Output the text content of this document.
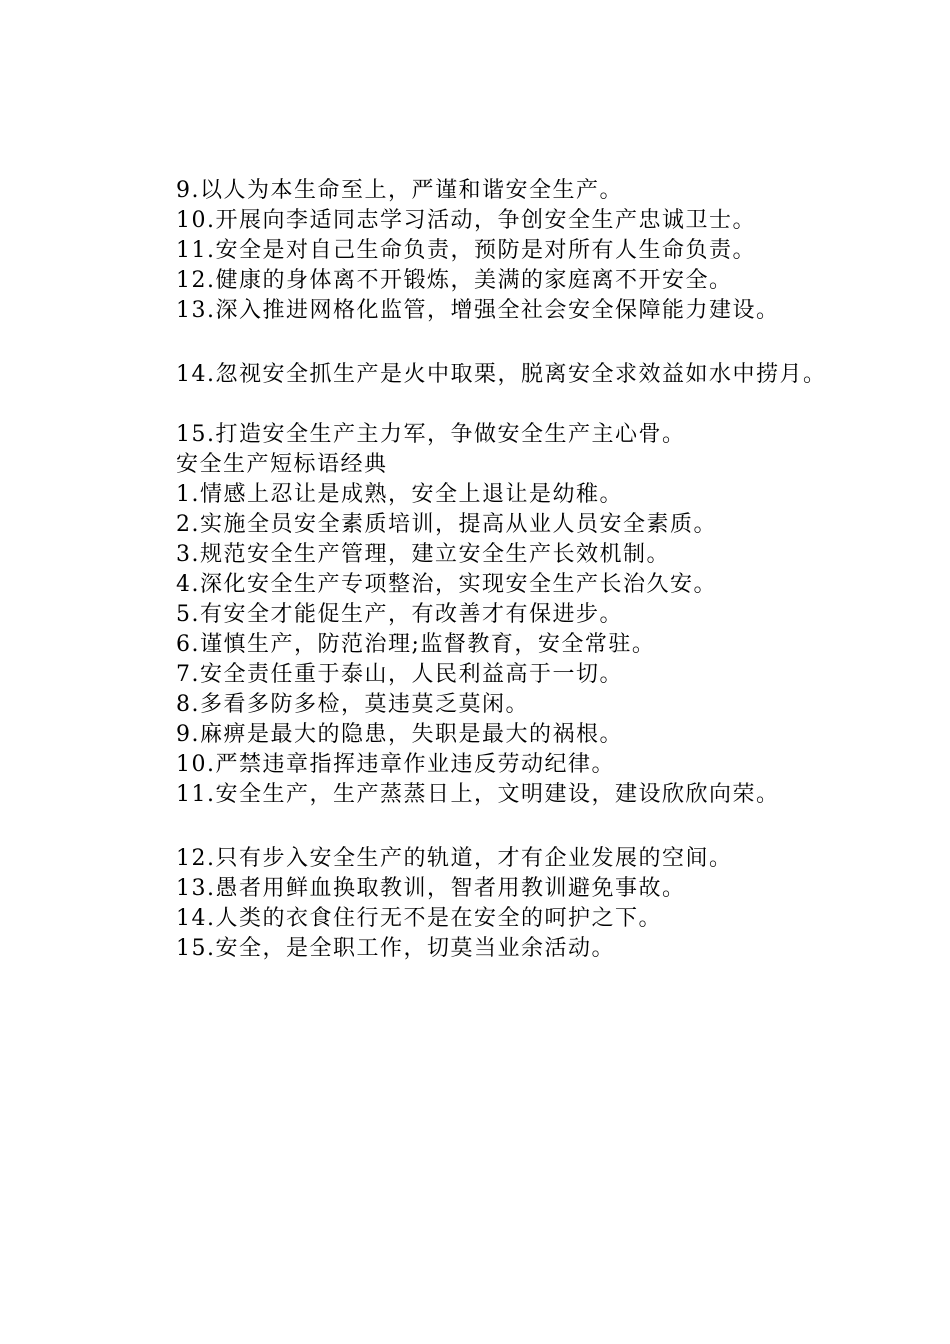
9.以人为本生命至上，严谨和谐安全生产。
10.开展向李适同志学习活动，争创安全生产忠诚卫士。
11.安全是对自己生命负责，预防是对所有人生命负责。
12.健康的身体离不开锻炼，美满的家庭离不开安全。
13.深入推进网格化监管，增强全社会安全保障能力建设。
14.忽视安全抓生产是火中取栗，脱离安全求效益如水中捞月。
15.打造安全生产主力军，争做安全生产主心骨。
安全生产短标语经典
1.情感上忍让是成熟，安全上退让是幼稚。
2.实施全员安全素质培训，提高从业人员安全素质。
3.规范安全生产管理，建立安全生产长效机制。
4.深化安全生产专项整治，实现安全生产长治久安。
5.有安全才能促生产，有改善才有保进步。
6.谨慎生产，防范治理;监督教育，安全常驻。
7.安全责任重于泰山，人民利益高于一切。
8.多看多防多检，莫违莫乏莫闲。
9.麻痹是最大的隐患，失职是最大的祸根。
10.严禁违章指挥违章作业违反劳动纪律。
11.安全生产，生产蒸蒸日上，文明建设，建设欣欣向荣。
12.只有步入安全生产的轨道，才有企业发展的空间。
13.愚者用鲜血换取教训，智者用教训避免事故。
14.人类的衣食住行无不是在安全的呵护之下。
15.安全，是全职工作，切莫当业余活动。
